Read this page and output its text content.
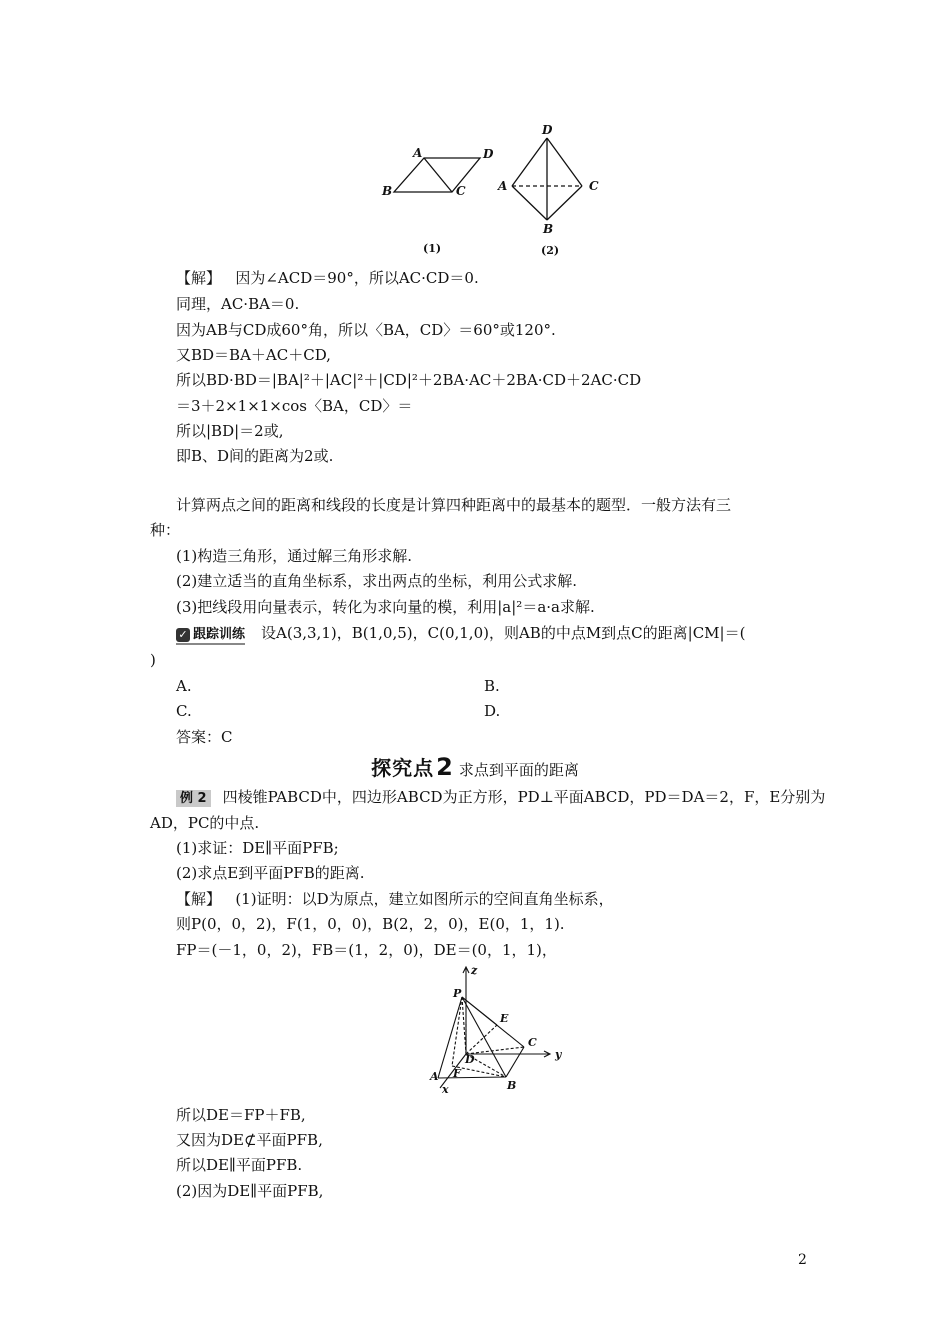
A	D
B	C
(1)
D
A	C
B
(2)
【解】 因为∠ACD＝90°，所以AC·CD＝0.
同理，AC·BA＝0.
因为AB与CD成60°角，所以〈BA，CD〉＝60°或120°.
又BD＝BA＋AC＋CD,
所以BD·BD＝|BA|²＋|AC|²＋|CD|²＋2BA·AC＋2BA·CD＋2AC·CD
＝3＋2×1×1×cos〈BA，CD〉＝
所以|BD|＝2或,
即B、D间的距离为2或.
计算两点之间的距离和线段的长度是计算四种距离中的最基本的题型．一般方法有三
种：
(1)构造三角形，通过解三角形求解.
(2)建立适当的直角坐标系，求出两点的坐标，利用公式求解.
(3)把线段用向量表示，转化为求向量的模，利用|a|²＝a·a求解.
✓ 跟踪训练 设A(3,3,1)，B(1,0,5)，C(0,1,0)，则AB的中点M到点C的距离|CM|＝(
)
A.	B.
C.	D.
答案：C
探究点2 求点到平面的距离
例 2 四棱锥PABCD中，四边形ABCD为正方形，PD⊥平面ABCD，PD＝DA＝2，F，E分别为
AD，PC的中点.
(1)求证：DE∥平面PFB;
(2)求点E到平面PFB的距离.
【解】 (1)证明：以D为原点，建立如图所示的空间直角坐标系，
则P(0，0，2)，F(1，0，0)，B(2，2，0)，E(0，1，1).
FP＝(－1，0，2)，FB＝(1，2，0)，DE＝(0，1，1)，
z
y
x
P
E
C
D
F
A
B
所以DE＝FP＋FB,
又因为DE⊄平面PFB,
所以DE∥平面PFB.
(2)因为DE∥平面PFB,
2
